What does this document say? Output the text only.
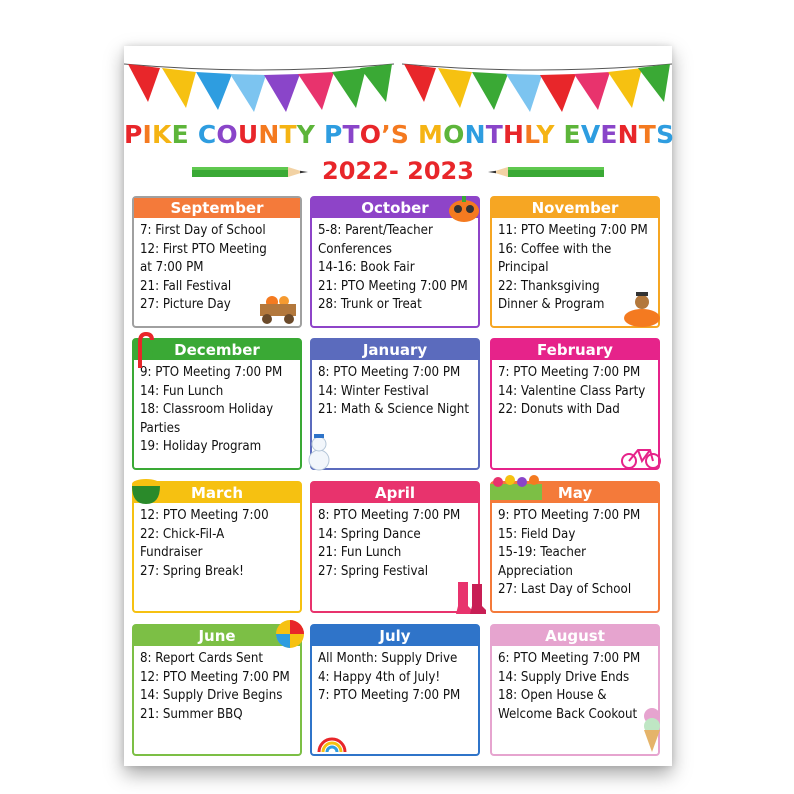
PIKE COUNTY PTO’S MONTHLY EVENTS
2022- 2023
September
7: First Day of School
12: First PTO Meeting
at 7:00 PM
21: Fall Festival
27: Picture Day
October
5-8: Parent/Teacher
Conferences
14-16: Book Fair
21: PTO Meeting 7:00 PM
28: Trunk or Treat
November
11: PTO Meeting 7:00 PM
16: Coffee with the
Principal
22: Thanksgiving
Dinner & Program
December
9: PTO Meeting 7:00 PM
14: Fun Lunch
18: Classroom Holiday
Parties
19: Holiday Program
January
8: PTO Meeting 7:00 PM
14: Winter Festival
21: Math & Science Night
February
7: PTO Meeting 7:00 PM
14: Valentine Class Party
22: Donuts with Dad
March
12: PTO Meeting 7:00
22: Chick-Fil-A
Fundraiser
27: Spring Break!
April
8: PTO Meeting 7:00 PM
14: Spring Dance
21: Fun Lunch
27: Spring Festival
May
9: PTO Meeting 7:00 PM
15: Field Day
15-19: Teacher
Appreciation
27: Last Day of School
June
8: Report Cards Sent
12: PTO Meeting 7:00 PM
14: Supply Drive Begins
21: Summer BBQ
July
All Month: Supply Drive
4: Happy 4th of July!
7: PTO Meeting 7:00 PM
August
6: PTO Meeting 7:00 PM
14: Supply Drive Ends
18: Open House &
Welcome Back Cookout
